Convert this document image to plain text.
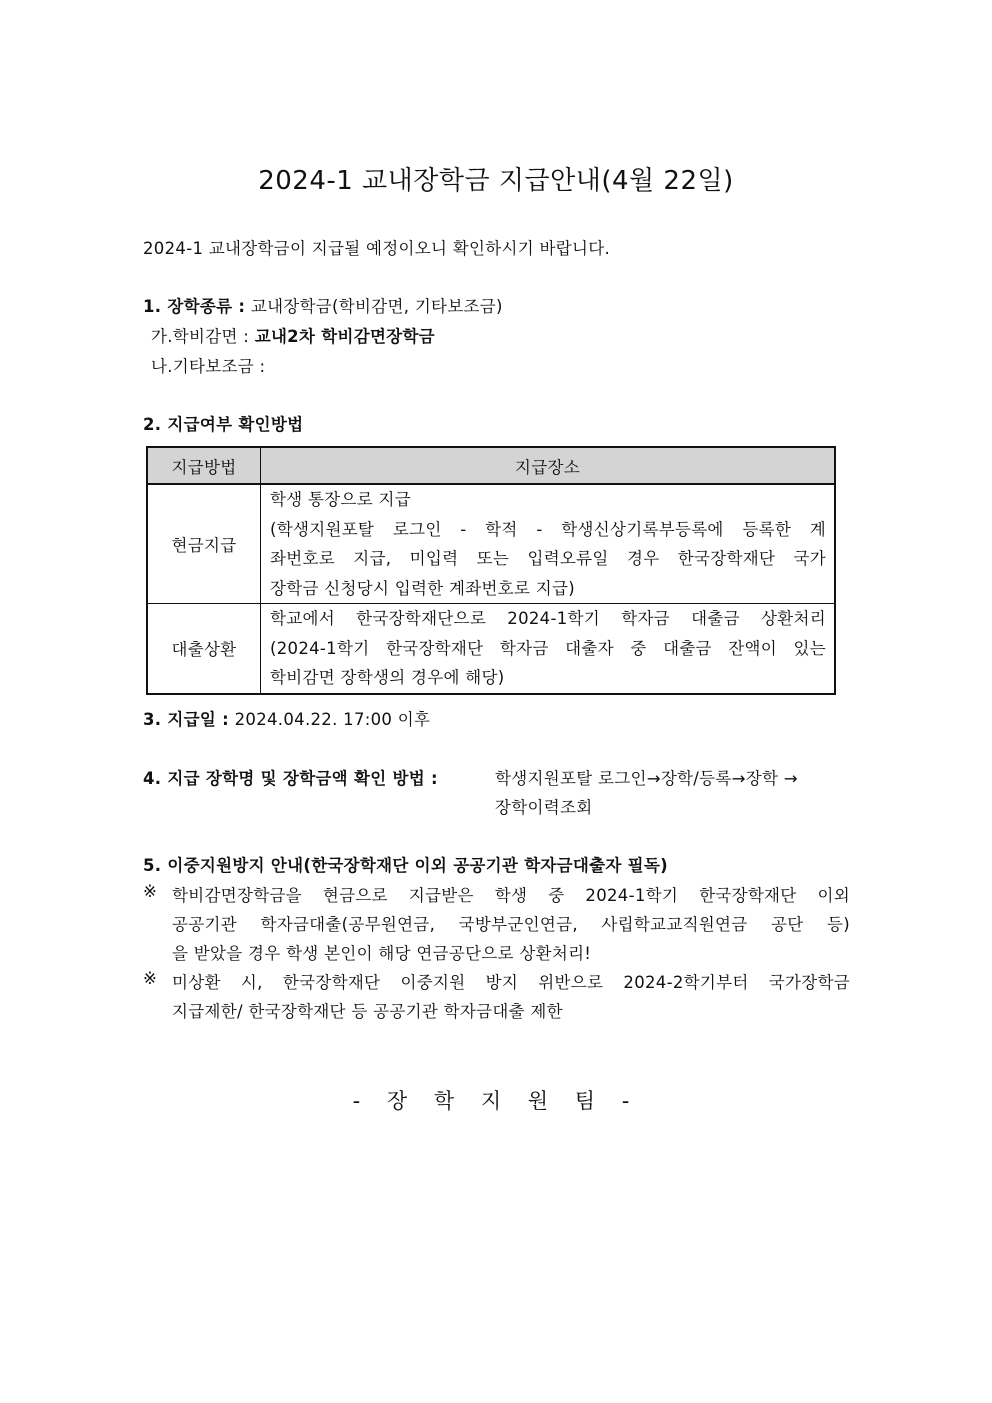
2024-1 교내장학금 지급안내(4월 22일)
2024-1 교내장학금이 지급될 예정이오니 확인하시기 바랍니다.
1. 장학종류 : 교내장학금(학비감면, 기타보조금)
가.학비감면 : 교내2차 학비감면장학금
나.기타보조금 :
2. 지급여부 확인방법
지급방법	지급장소
현금지급	학생 통장으로 지급
(학생지원포탈 로그인 - 학적 - 학생신상기록부등록에 등록한 계
좌번호로 지급, 미입력 또는 입력오류일 경우 한국장학재단 국가
장학금 신청당시 입력한 계좌번호로 지급)

대출상환	학교에서 한국장학재단으로 2024-1학기 학자금 대출금 상환처리
(2024-1학기 한국장학재단 학자금 대출자 중 대출금 잔액이 있는
학비감면 장학생의 경우에 해당)
3. 지급일 : 2024.04.22. 17:00 이후
4. 지급 장학명 및 장학금액 확인 방법 :	학생지원포탈 로그인→장학/등록→장학 →
장학이력조회
5. 이중지원방지 안내(한국장학재단 이외 공공기관 학자금대출자 필독)
※ 학비감면장학금을 현금으로 지급받은 학생 중 2024-1학기 한국장학재단 이외
공공기관 학자금대출(공무원연금, 국방부군인연금, 사립학교교직원연금 공단 등)
을 받았을 경우 학생 본인이 해당 연금공단으로 상환처리!
※ 미상환 시, 한국장학재단 이중지원 방지 위반으로 2024-2학기부터 국가장학금
지급제한/ 한국장학재단 등 공공기관 학자금대출 제한
- 장 학 지 원 팀 -
